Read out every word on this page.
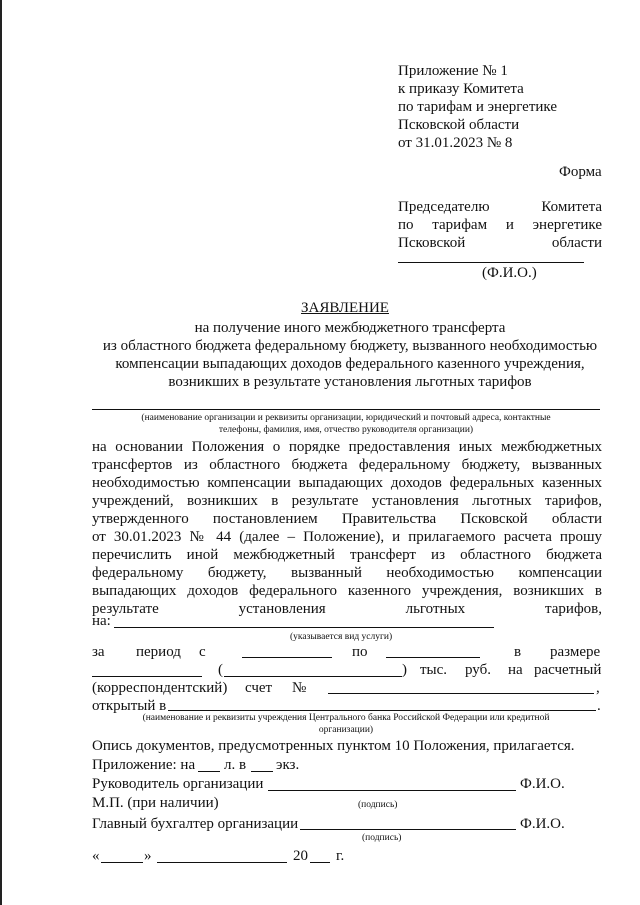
Приложение № 1
к приказу Комитета
по тарифам и энергетике
Псковской области
от 31.01.2023 № 8
Форма
Председателю	Комитета
по тарифам и энергетике
Псковской	области
(Ф.И.О.)
ЗАЯВЛЕНИЕ
на получение иного межбюджетного трансферта
из областного бюджета федеральному бюджету, вызванного необходимостью
компенсации выпадающих доходов федерального казенного учреждения,
возникших в результате установления льготных тарифов
(наименование организации и реквизиты организации, юридический и почтовый адреса, контактные
телефоны, фамилия, имя, отчество руководителя организации)
на основании Положения о порядке предоставления иных межбюджетных
трансфертов из областного бюджета федеральному бюджету, вызванных
необходимостью компенсации выпадающих доходов федеральных казенных
учреждений, возникших в результате установления льготных тарифов,
утвержденного постановлением Правительства Псковской области
от 30.01.2023 № 44 (далее – Положение), и прилагаемого расчета прошу
перечислить иной межбюджетный трансферт из областного бюджета
федеральному бюджету, вызванный необходимостью компенсации
выпадающих доходов федерального казенного учреждения, возникших в
результате установления льготных тарифов,
на:
(указывается вид услуги)
за период с	по	в размере
(	) тыс. руб. на расчетный
(корреспондентский) счет №	,
открытый в	.
(наименование и реквизиты учреждения Центрального банка Российской Федерации или кредитной
организации)
Опись документов, предусмотренных пунктом 10 Положения, прилагается.
Приложение: на л. в экз.
Руководитель организации	Ф.И.О.
М.П. (при наличии)	(подпись)
Главный бухгалтер организации	Ф.И.О.
(подпись)
«	»	20 г.
